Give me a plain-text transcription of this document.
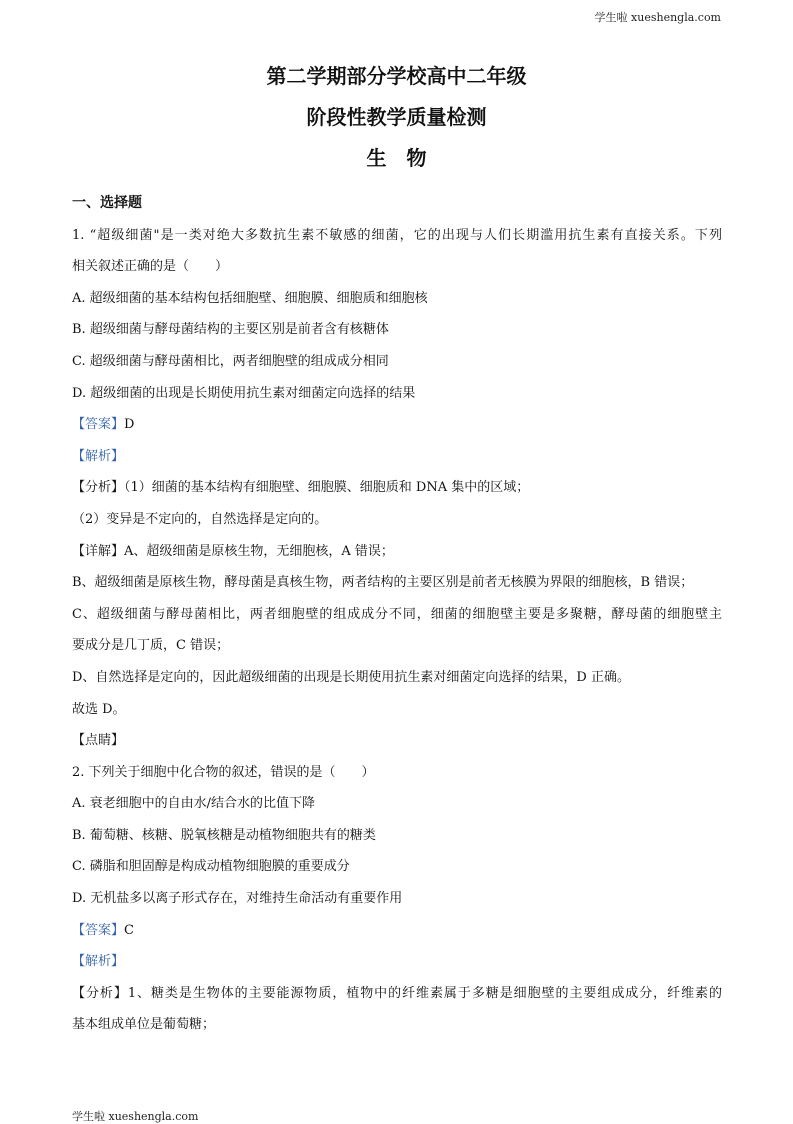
学生啦 xueshengla.com
第二学期部分学校高中二年级
阶段性教学质量检测
生物
一、选择题
1. “超级细菌"是一类对绝大多数抗生素不敏感的细菌，它的出现与人们长期滥用抗生素有直接关系。下列
相关叙述正确的是（　　）
A. 超级细菌的基本结构包括细胞壁、细胞膜、细胞质和细胞核
B. 超级细菌与酵母菌结构的主要区别是前者含有核糖体
C. 超级细菌与酵母菌相比，两者细胞壁的组成成分相同
D. 超级细菌的出现是长期使用抗生素对细菌定向选择的结果
【答案】D
【解析】
【分析】（1）细菌的基本结构有细胞壁、细胞膜、细胞质和 DNA 集中的区域；
（2）变异是不定向的，自然选择是定向的。
【详解】A、超级细菌是原核生物，无细胞核，A 错误；
B、超级细菌是原核生物，酵母菌是真核生物，两者结构的主要区别是前者无核膜为界限的细胞核，B 错误；
C、超级细菌与酵母菌相比，两者细胞壁的组成成分不同，细菌的细胞壁主要是多聚糖，酵母菌的细胞壁主
要成分是几丁质，C 错误；
D、自然选择是定向的，因此超级细菌的出现是长期使用抗生素对细菌定向选择的结果，D 正确。
故选 D。
【点睛】
2. 下列关于细胞中化合物的叙述，错误的是（　　）
A. 衰老细胞中的自由水/结合水的比值下降
B. 葡萄糖、核糖、脱氧核糖是动植物细胞共有的糖类
C. 磷脂和胆固醇是构成动植物细胞膜的重要成分
D. 无机盐多以离子形式存在，对维持生命活动有重要作用
【答案】C
【解析】
【分析】1、糖类是生物体的主要能源物质，植物中的纤维素属于多糖是细胞壁的主要组成成分，纤维素的
基本组成单位是葡萄糖；
学生啦 xueshengla.com
